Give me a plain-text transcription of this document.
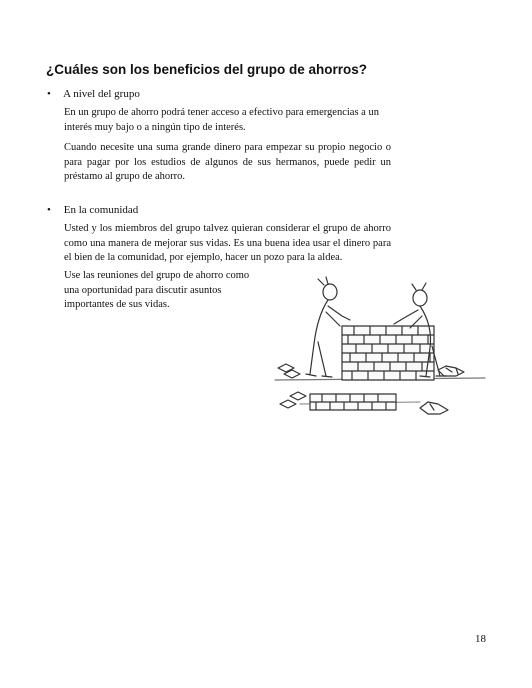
¿Cuáles son los beneficios del grupo de ahorros?
• A nivel del grupo

En un grupo de ahorro podrá tener acceso a efectivo para emergencias a un interés muy bajo o a ningún tipo de interés.

Cuando necesite una suma grande dinero para empezar su propio negocio o para pagar por los estudios de algunos de sus hermanos, puede pedir un préstamo al grupo de ahorro.

• En la comunidad

Usted y los miembros del grupo talvez quieran considerar el grupo de ahorro como una manera de mejorar sus vidas. Es una buena idea usar el dinero para el bien de la comunidad, por ejemplo, hacer un pozo para la aldea.

Use las reuniones del grupo de ahorro como una oportunidad para discutir asuntos importantes de sus vidas.

18
